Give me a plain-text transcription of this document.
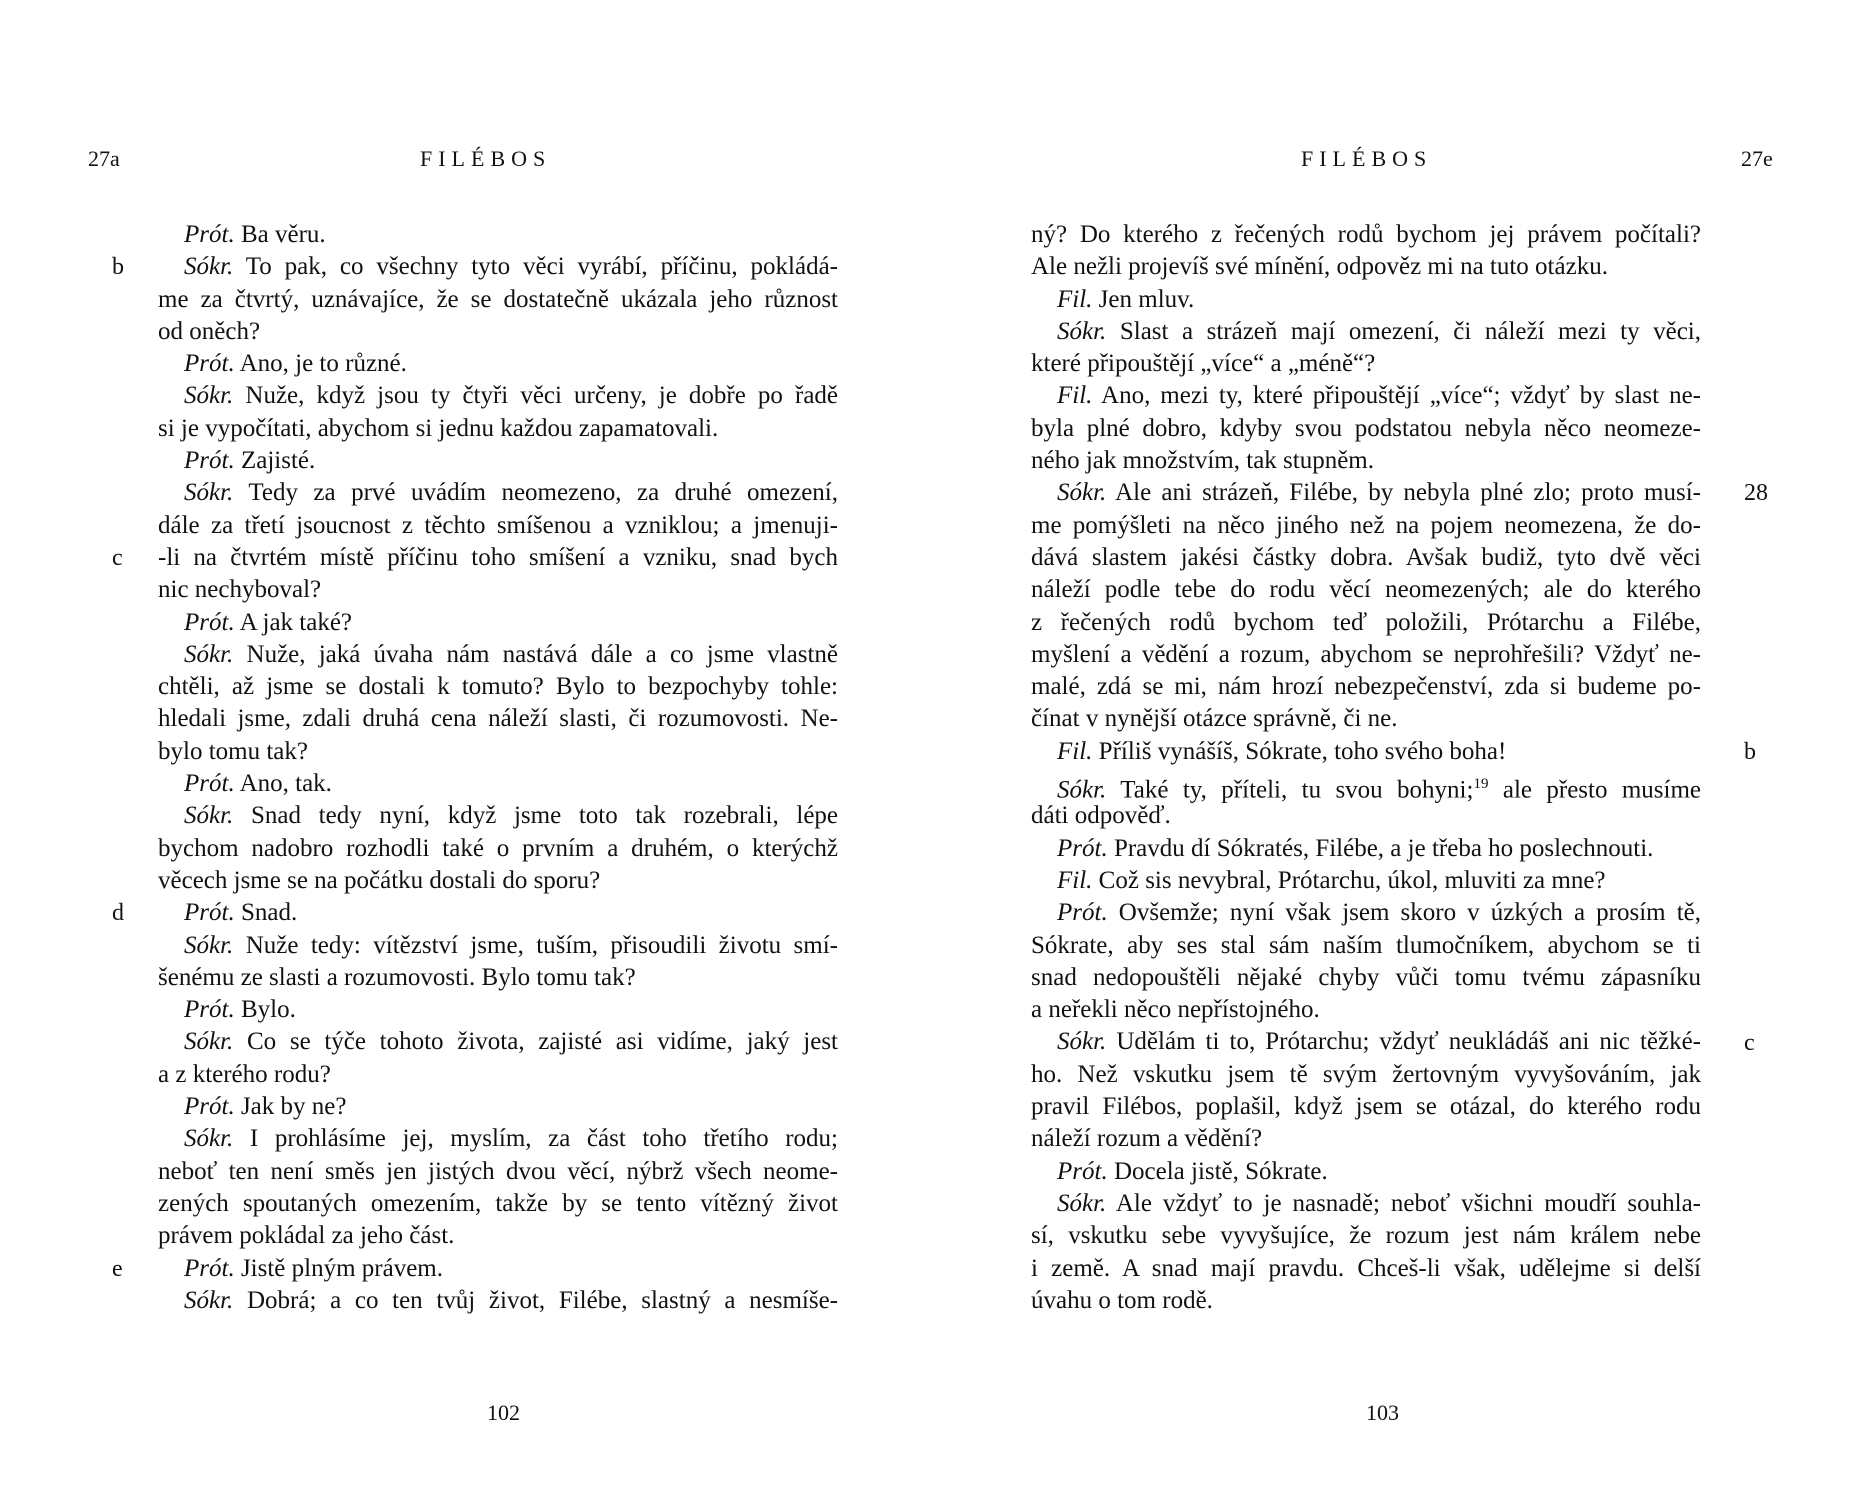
27a	FILÉBOS
Prót. Ba věru.
Sókr. To pak, co všechny tyto věci vyrábí, příčinu, pokládá-
me za čtvrtý, uznávajíce, že se dostatečně ukázala jeho různost
od oněch?
Prót. Ano, je to různé.
Sókr. Nuže, když jsou ty čtyři věci určeny, je dobře po řadě
si je vypočítati, abychom si jednu každou zapamatovali.
Prót. Zajisté.
Sókr. Tedy za prvé uvádím neomezeno, za druhé omezení,
dále za třetí jsoucnost z těchto smíšenou a vzniklou; a jmenuji-
-li na čtvrtém místě příčinu toho smíšení a vzniku, snad bych
nic nechyboval?
Prót. A jak také?
Sókr. Nuže, jaká úvaha nám nastává dále a co jsme vlastně
chtěli, až jsme se dostali k tomuto? Bylo to bezpochyby tohle:
hledali jsme, zdali druhá cena náleží slasti, či rozumovosti. Ne-
bylo tomu tak?
Prót. Ano, tak.
Sókr. Snad tedy nyní, když jsme toto tak rozebrali, lépe
bychom nadobro rozhodli také o prvním a druhém, o kterýchž
věcech jsme se na počátku dostali do sporu?
Prót. Snad.
Sókr. Nuže tedy: vítězství jsme, tuším, přisoudili životu smí-
šenému ze slasti a rozumovosti. Bylo tomu tak?
Prót. Bylo.
Sókr. Co se týče tohoto života, zajisté asi vidíme, jaký jest
a z kterého rodu?
Prót. Jak by ne?
Sókr. I prohlásíme jej, myslím, za část toho třetího rodu;
neboť ten není směs jen jistých dvou věcí, nýbrž všech neome-
zených spoutaných omezením, takže by se tento vítězný život
právem pokládal za jeho část.
Prót. Jistě plným právem.
Sókr. Dobrá; a co ten tvůj život, Filébe, slastný a nesmíše-
102
b
c
d
e
FILÉBOS	27e
ný? Do kterého z řečených rodů bychom jej právem počítali?
Ale nežli projevíš své mínění, odpověz mi na tuto otázku.
Fil. Jen mluv.
Sókr. Slast a strázeň mají omezení, či náleží mezi ty věci,
které připouštějí „více“ a „méně“?
Fil. Ano, mezi ty, které připouštějí „více“; vždyť by slast ne-
byla plné dobro, kdyby svou podstatou nebyla něco neomeze-
ného jak množstvím, tak stupněm.
Sókr. Ale ani strázeň, Filébe, by nebyla plné zlo; proto musí-
me pomýšleti na něco jiného než na pojem neomezena, že do-
dává slastem jakési částky dobra. Avšak budiž, tyto dvě věci
náleží podle tebe do rodu věcí neomezených; ale do kterého
z řečených rodů bychom teď položili, Prótarchu a Filébe,
myšlení a vědění a rozum, abychom se neprohřešili? Vždyť ne-
malé, zdá se mi, nám hrozí nebezpečenství, zda si budeme po-
čínat v nynější otázce správně, či ne.
Fil. Příliš vynášíš, Sókrate, toho svého boha!
Sókr. Také ty, příteli, tu svou bohyni;$^{19}$ ale přesto musíme
dáti odpověď.
Prót. Pravdu dí Sókratés, Filébe, a je třeba ho poslechnouti.
Fil. Což sis nevybral, Prótarchu, úkol, mluviti za mne?
Prót. Ovšemže; nyní však jsem skoro v úzkých a prosím tě,
Sókrate, aby ses stal sám naším tlumočníkem, abychom se ti
snad nedopouštěli nějaké chyby vůči tomu tvému zápasníku
a neřekli něco nepřístojného.
Sókr. Udělám ti to, Prótarchu; vždyť neukládáš ani nic těžké-
ho. Než vskutku jsem tě svým žertovným vyvyšováním, jak
pravil Filébos, poplašil, když jsem se otázal, do kterého rodu
náleží rozum a vědění?
Prót. Docela jistě, Sókrate.
Sókr. Ale vždyť to je nasnadě; neboť všichni moudří souhla-
sí, vskutku sebe vyvyšujíce, že rozum jest nám králem nebe
i země. A snad mají pravdu. Chceš-li však, udělejme si delší
úvahu o tom rodě.
103
28
b
c
